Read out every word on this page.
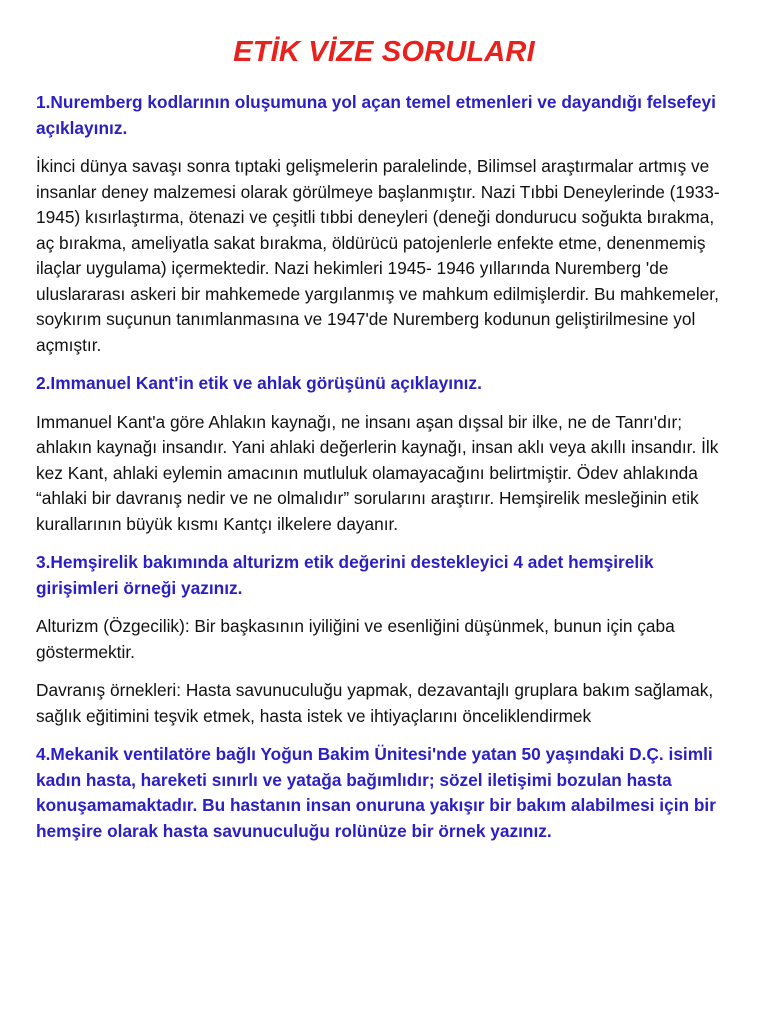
ETİK VİZE SORULARI

1.Nuremberg kodlarının oluşumuna yol açan temel etmenleri ve dayandığı felsefeyi açıklayınız.

İkinci dünya savaşı sonra tıptaki gelişmelerin paralelinde, Bilimsel araştırmalar artmış ve insanlar deney malzemesi olarak görülmeye başlanmıştır. Nazi Tıbbi Deneylerinde (1933-1945) kısırlaştırma, ötenazi ve çeşitli tıbbi deneyleri (deneği dondurucu soğukta bırakma, aç bırakma, ameliyatla sakat bırakma, öldürücü patojenlerle enfekte etme, denenmemiş ilaçlar uygulama) içermektedir. Nazi hekimleri 1945- 1946 yıllarında Nuremberg 'de uluslararası askeri bir mahkemede yargılanmış ve mahkum edilmişlerdir. Bu mahkemeler, soykırım suçunun tanımlanmasına ve 1947'de Nuremberg kodunun geliştirilmesine yol açmıştır.

2.Immanuel Kant'in etik ve ahlak görüşünü açıklayınız.

Immanuel Kant'a göre Ahlakın kaynağı, ne insanı aşan dışsal bir ilke, ne de Tanrı'dır; ahlakın kaynağı insandır. Yani ahlaki değerlerin kaynağı, insan aklı veya akıllı insandır. İlk kez Kant, ahlaki eylemin amacının mutluluk olamayacağını belirtmiştir. Ödev ahlakında “ahlaki bir davranış nedir ve ne olmalıdır” sorularını araştırır. Hemşirelik mesleğinin etik kurallarının büyük kısmı Kantçı ilkelere dayanır.

3.Hemşirelik bakımında alturizm etik değerini destekleyici 4 adet hemşirelik girişimleri örneği yazınız.

Alturizm (Özgecilik): Bir başkasının iyiliğini ve esenliğini düşünmek, bunun için çaba göstermektir.

Davranış örnekleri: Hasta savunuculuğu yapmak, dezavantajlı gruplara bakım sağlamak, sağlık eğitimini teşvik etmek, hasta istek ve ihtiyaçlarını önceliklendirmek

4.Mekanik ventilatöre bağlı Yoğun Bakim Ünitesi'nde yatan 50 yaşındaki D.Ç. isimli kadın hasta, hareketi sınırlı ve yatağa bağımlıdır; sözel iletişimi bozulan hasta konuşamamaktadır. Bu hastanın insan onuruna yakışır bir bakım alabilmesi için bir hemşire olarak hasta savunuculuğu rolünüze bir örnek yazınız.
